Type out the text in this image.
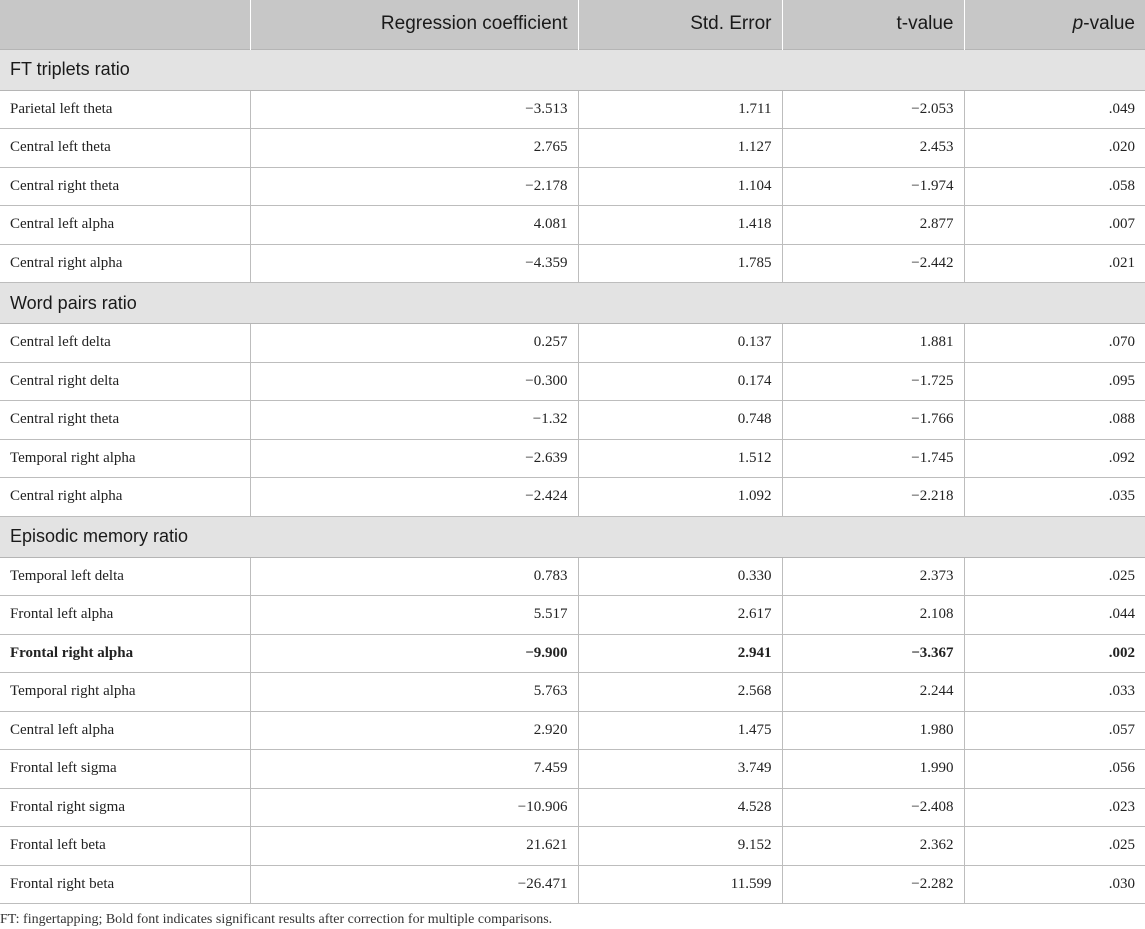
	Regression coefficient	Std. Error	t-value	p-value
FT triplets ratio				
Parietal left theta	−3.513	1.711	−2.053	.049
Central left theta	2.765	1.127	2.453	.020
Central right theta	−2.178	1.104	−1.974	.058
Central left alpha	4.081	1.418	2.877	.007
Central right alpha	−4.359	1.785	−2.442	.021
Word pairs ratio				
Central left delta	0.257	0.137	1.881	.070
Central right delta	−0.300	0.174	−1.725	.095
Central right theta	−1.32	0.748	−1.766	.088
Temporal right alpha	−2.639	1.512	−1.745	.092
Central right alpha	−2.424	1.092	−2.218	.035
Episodic memory ratio				
Temporal left delta	0.783	0.330	2.373	.025
Frontal left alpha	5.517	2.617	2.108	.044
Frontal right alpha	−9.900	2.941	−3.367	.002
Temporal right alpha	5.763	2.568	2.244	.033
Central left alpha	2.920	1.475	1.980	.057
Frontal left sigma	7.459	3.749	1.990	.056
Frontal right sigma	−10.906	4.528	−2.408	.023
Frontal left beta	21.621	9.152	2.362	.025
Frontal right beta	−26.471	11.599	−2.282	.030
FT: fingertapping; Bold font indicates significant results after correction for multiple comparisons.
